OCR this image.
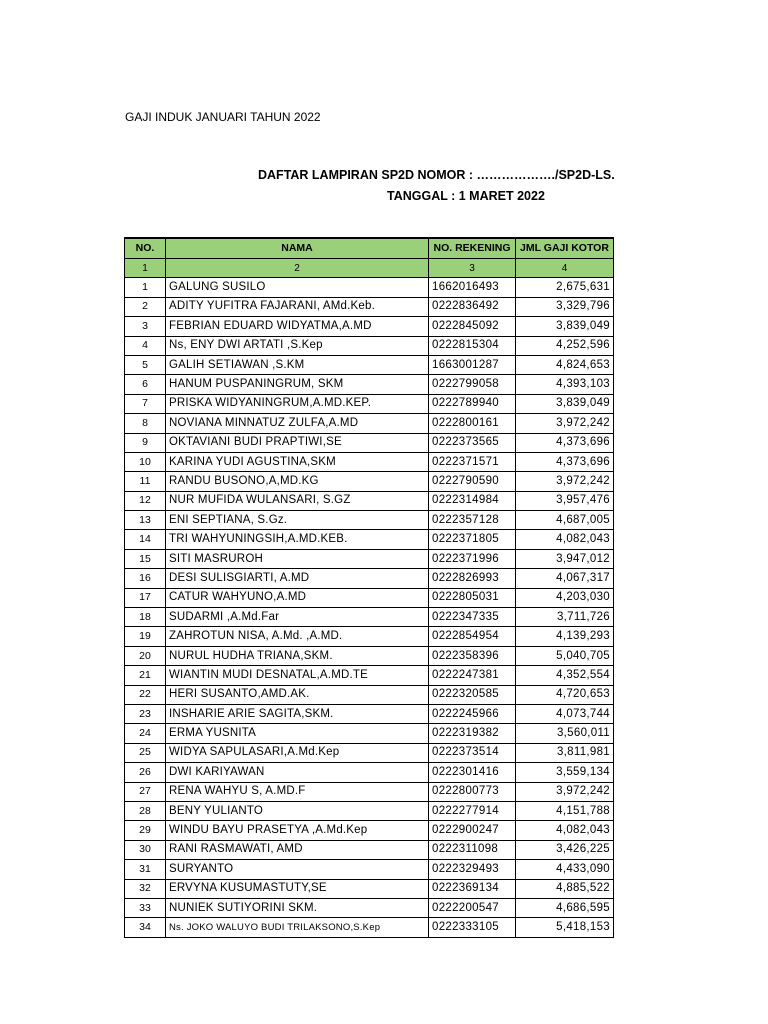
GAJI INDUK JANUARI TAHUN 2022
DAFTAR LAMPIRAN SP2D NOMOR : ………………./SP2D-LS.
TANGGAL : 1 MARET 2022
NO.	NAMA	NO. REKENING	JML GAJI KOTOR
1	2	3	4
1	GALUNG SUSILO	1662016493	2,675,631
2	ADITY YUFITRA FAJARANI, AMd.Keb.	0222836492	3,329,796
3	FEBRIAN EDUARD WIDYATMA,A.MD	0222845092	3,839,049
4	Ns, ENY DWI ARTATI ,S.Kep	0222815304	4,252,596
5	GALIH SETIAWAN ,S.KM	1663001287	4,824,653
6	HANUM PUSPANINGRUM, SKM	0222799058	4,393,103
7	PRISKA WIDYANINGRUM,A.MD.KEP.	0222789940	3,839,049
8	NOVIANA MINNATUZ ZULFA,A.MD	0222800161	3,972,242
9	OKTAVIANI BUDI PRAPTIWI,SE	0222373565	4,373,696
10	KARINA YUDI AGUSTINA,SKM	0222371571	4,373,696
11	RANDU BUSONO,A,MD.KG	0222790590	3,972,242
12	NUR MUFIDA WULANSARI, S.GZ	0222314984	3,957,476
13	ENI SEPTIANA, S.Gz.	0222357128	4,687,005
14	TRI WAHYUNINGSIH,A.MD.KEB.	0222371805	4,082,043
15	SITI MASRUROH	0222371996	3,947,012
16	DESI SULISGIARTI, A.MD	0222826993	4,067,317
17	CATUR WAHYUNO,A.MD	0222805031	4,203,030
18	SUDARMI ,A.Md.Far	0222347335	3,711,726
19	ZAHROTUN NISA, A.Md. ,A.MD.	0222854954	4,139,293
20	NURUL HUDHA TRIANA,SKM.	0222358396	5,040,705
21	WIANTIN MUDI DESNATAL,A.MD.TE	0222247381	4,352,554
22	HERI SUSANTO,AMD.AK.	0222320585	4,720,653
23	INSHARIE ARIE SAGITA,SKM.	0222245966	4,073,744
24	ERMA YUSNITA	0222319382	3,560,011
25	WIDYA SAPULASARI,A.Md.Kep	0222373514	3,811,981
26	DWI KARIYAWAN	0222301416	3,559,134
27	RENA WAHYU S, A.MD.F	0222800773	3,972,242
28	BENY YULIANTO	0222277914	4,151,788
29	WINDU BAYU PRASETYA ,A.Md.Kep	0222900247	4,082,043
30	RANI RASMAWATI, AMD	0222311098	3,426,225
31	SURYANTO	0222329493	4,433,090
32	ERVYNA KUSUMASTUTY,SE	0222369134	4,885,522
33	NUNIEK SUTIYORINI SKM.	0222200547	4,686,595
34	Ns. JOKO WALUYO BUDI TRILAKSONO,S.Kep	0222333105	5,418,153
